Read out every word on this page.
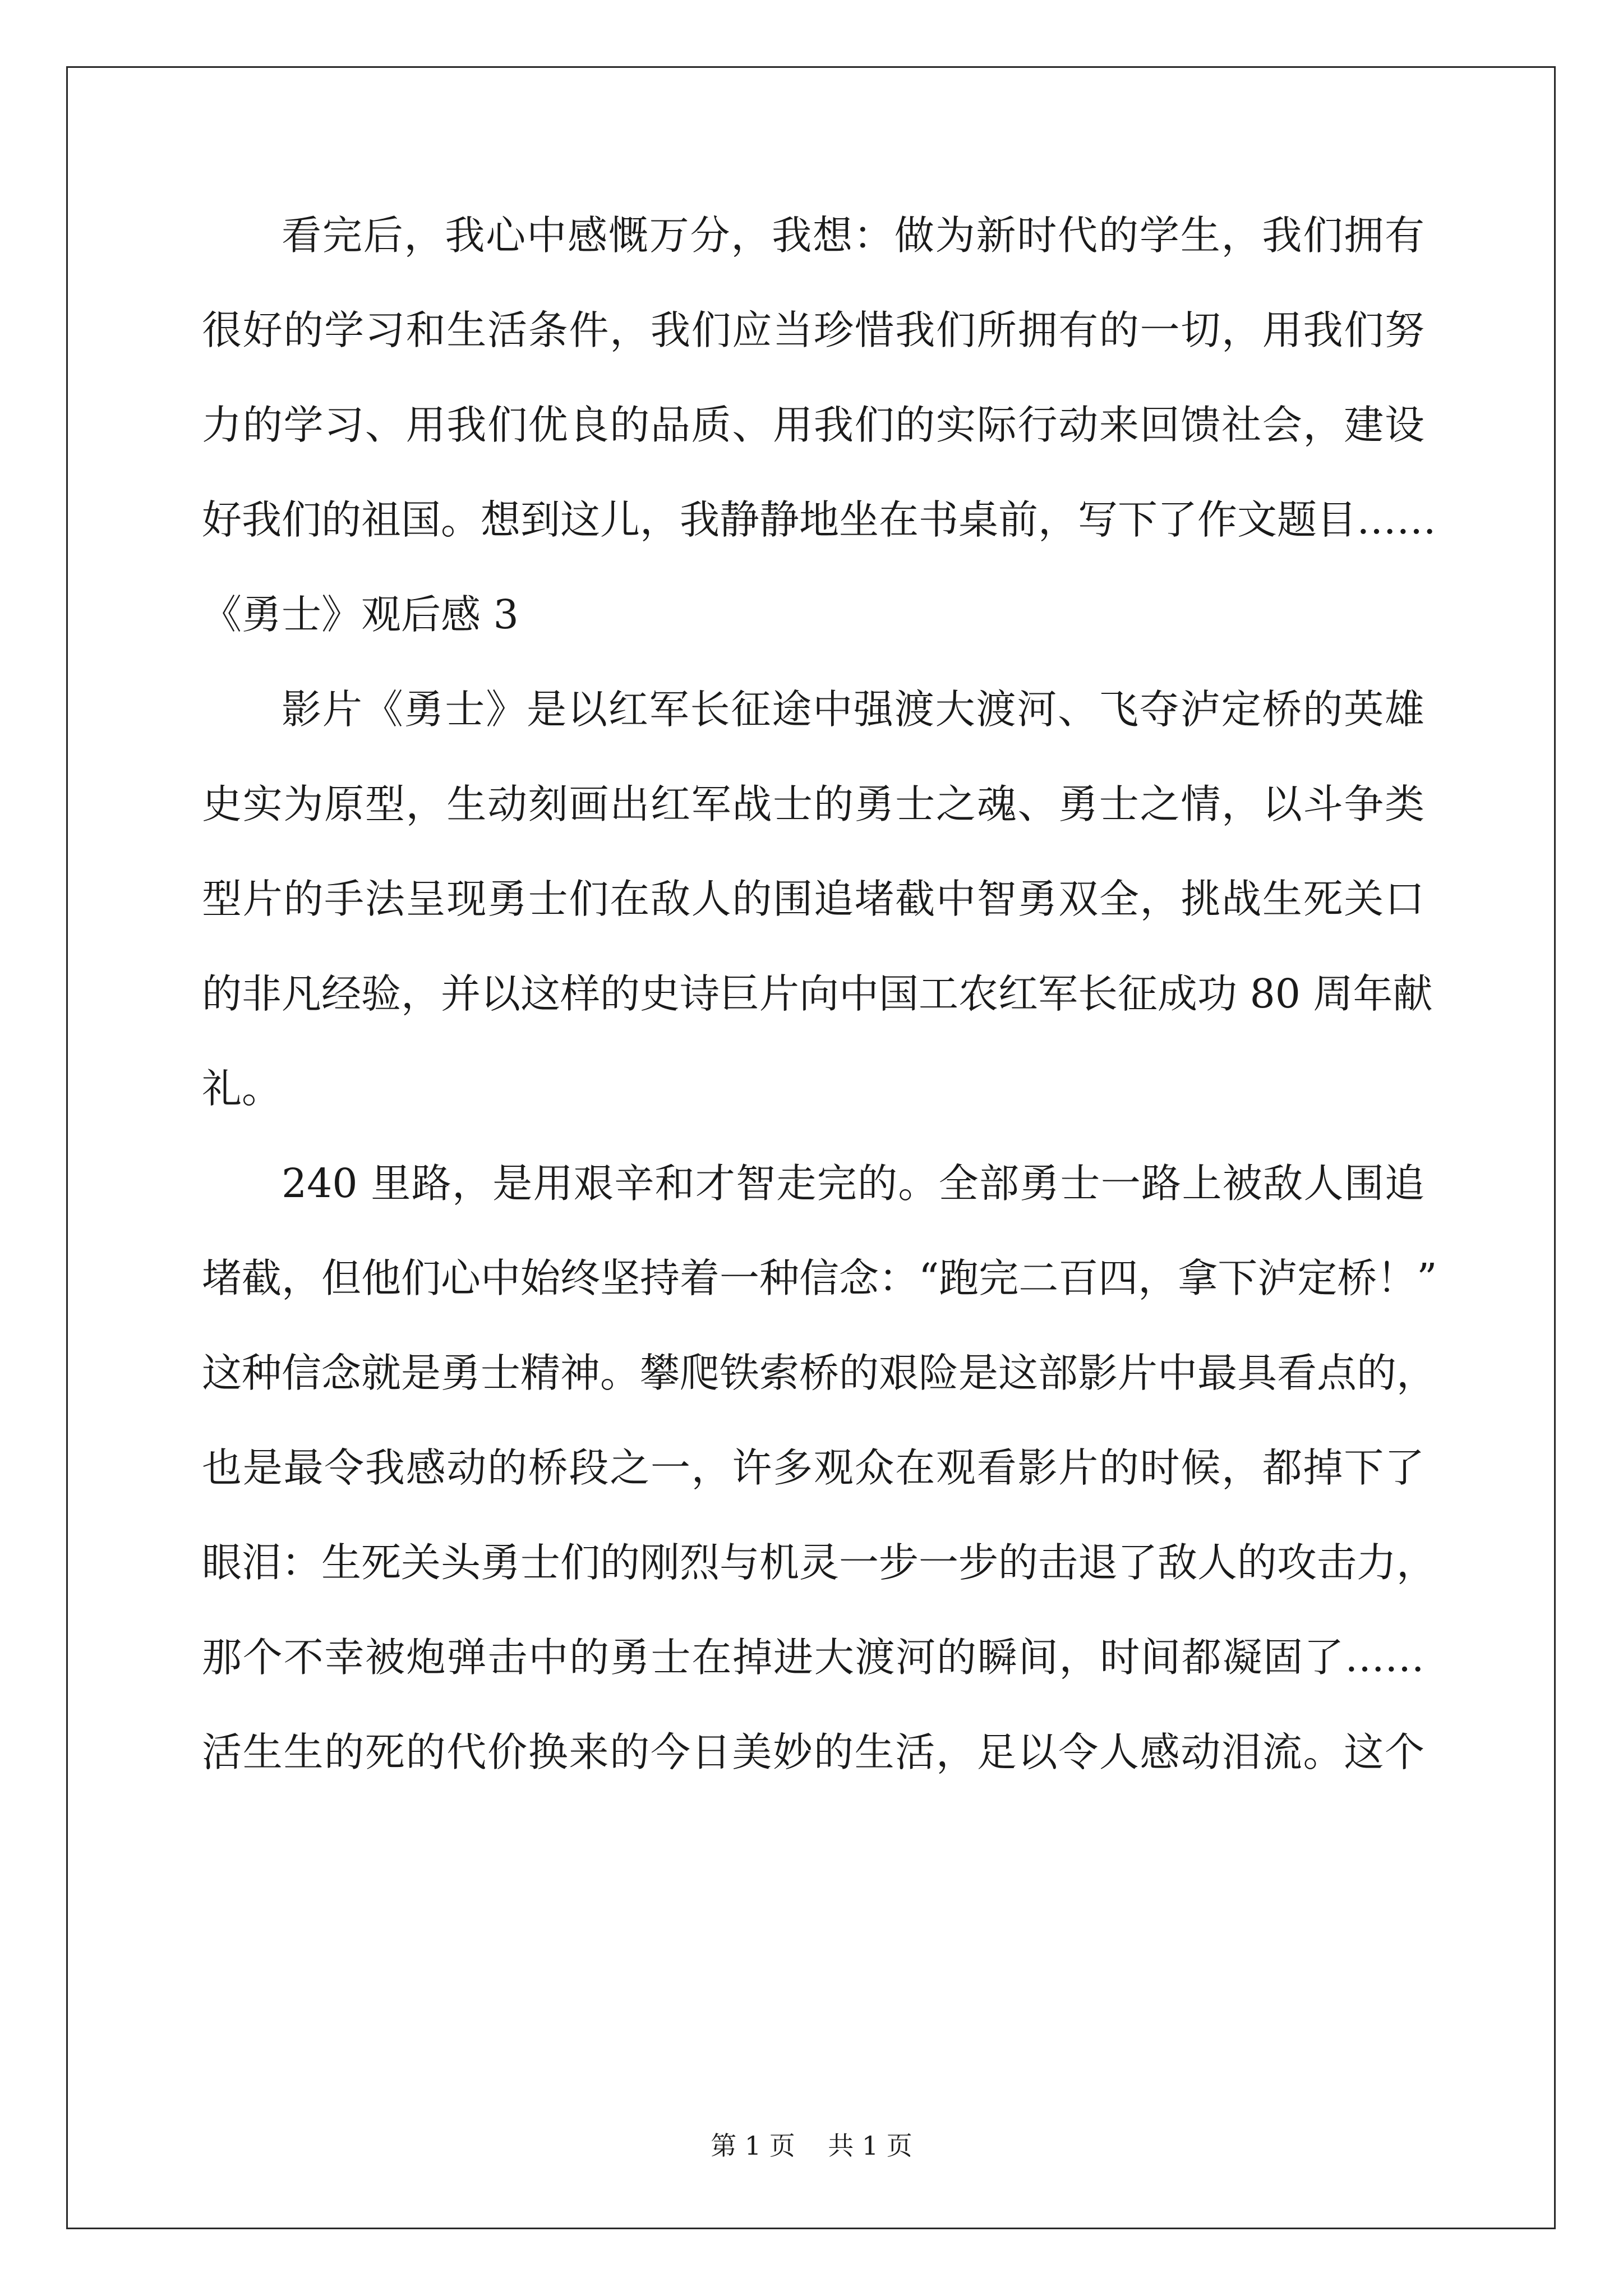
看完后，我心中感慨万分，我想：做为新时代的学生，我们拥有
很好的学习和生活条件，我们应当珍惜我们所拥有的一切，用我们努
力的学习、用我们优良的品质、用我们的实际行动来回馈社会，建设
好我们的祖国。想到这儿，我静静地坐在书桌前，写下了作文题目……
《勇士》观后感 3
影片《勇士》是以红军长征途中强渡大渡河、飞夺泸定桥的英雄
史实为原型，生动刻画出红军战士的勇士之魂、勇士之情，以斗争类
型片的手法呈现勇士们在敌人的围追堵截中智勇双全，挑战生死关口
的非凡经验，并以这样的史诗巨片向中国工农红军长征成功 80 周年献
礼。
240 里路，是用艰辛和才智走完的。全部勇士一路上被敌人围追
堵截，但他们心中始终坚持着一种信念：“跑完二百四，拿下泸定桥！”
这种信念就是勇士精神。攀爬铁索桥的艰险是这部影片中最具看点的，
也是最令我感动的桥段之一，许多观众在观看影片的时候，都掉下了
眼泪：生死关头勇士们的刚烈与机灵一步一步的击退了敌人的攻击力，
那个不幸被炮弹击中的勇士在掉进大渡河的瞬间，时间都凝固了……
活生生的死的代价换来的今日美妙的生活，足以令人感动泪流。这个
第 1 页    共 1 页
